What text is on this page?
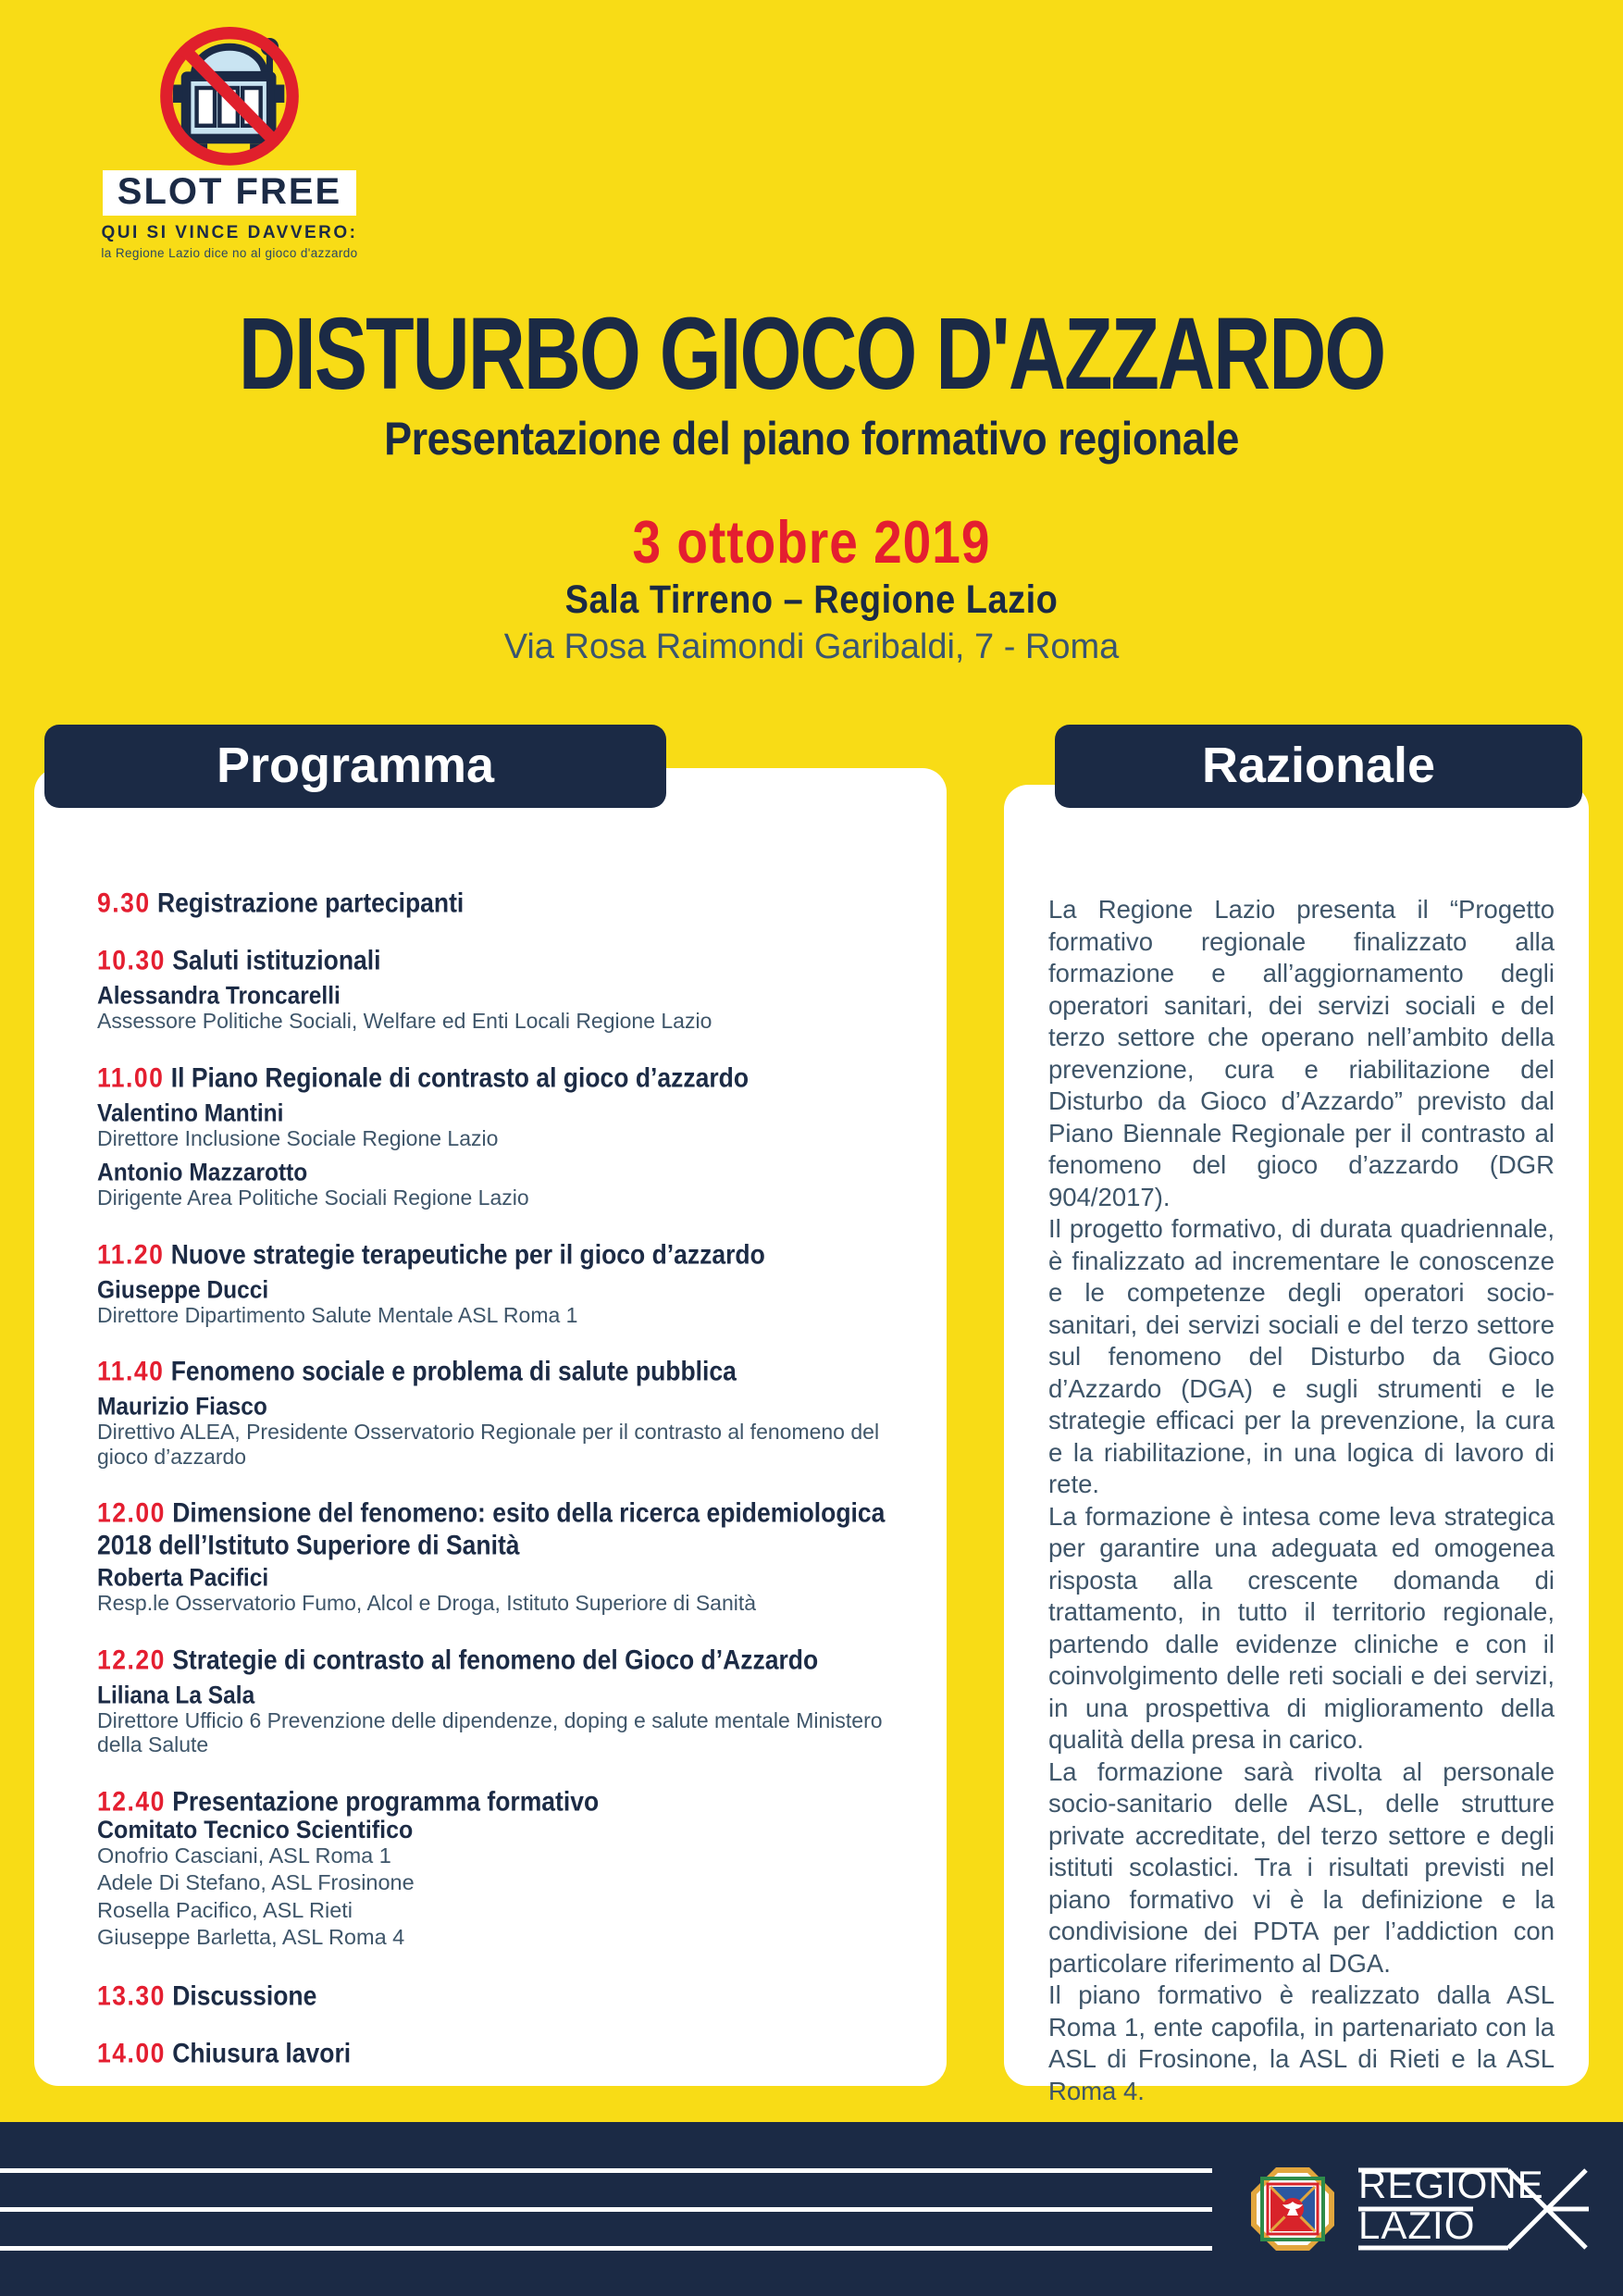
SLOT FREE
QUI SI VINCE DAVVERO:
la Regione Lazio dice no al gioco d'azzardo
DISTURBO GIOCO D'AZZARDO
Presentazione del piano formativo regionale
3 ottobre 2019
Sala Tirreno – Regione Lazio
Via Rosa Raimondi Garibaldi, 7 - Roma
Programma
9.30 Registrazione partecipanti
10.30 Saluti istituzionali
Alessandra Troncarelli
Assessore Politiche Sociali, Welfare ed Enti Locali Regione Lazio
11.00 Il Piano Regionale di contrasto al gioco d’azzardo
Valentino Mantini
Direttore Inclusione Sociale Regione Lazio
Antonio Mazzarotto
Dirigente Area Politiche Sociali Regione Lazio
11.20 Nuove strategie terapeutiche per il gioco d’azzardo
Giuseppe Ducci
Direttore Dipartimento Salute Mentale ASL Roma 1
11.40 Fenomeno sociale e problema di salute pubblica
Maurizio Fiasco
Direttivo ALEA, Presidente Osservatorio Regionale per il contrasto al fenomeno del gioco d’azzardo
12.00 Dimensione del fenomeno: esito della ricerca epidemiologica 2018 dell’Istituto Superiore di Sanità
Roberta Pacifici
Resp.le Osservatorio Fumo, Alcol e Droga, Istituto Superiore di Sanità
12.20 Strategie di contrasto al fenomeno del Gioco d’Azzardo
Liliana La Sala
Direttore Ufficio 6 Prevenzione delle dipendenze, doping e salute mentale Ministero della Salute
12.40 Presentazione programma formativo
Comitato Tecnico Scientifico
Onofrio Casciani, ASL Roma 1
Adele Di Stefano, ASL Frosinone
Rosella Pacifico, ASL Rieti
Giuseppe Barletta, ASL Roma 4
13.30 Discussione
14.00 Chiusura lavori
Razionale

La Regione Lazio presenta il “Progetto formativo regionale finalizzato alla formazione e all’aggiornamento degli operatori sanitari, dei servizi sociali e del terzo settore che operano nell’ambito della prevenzione, cura e riabilitazione del Disturbo da Gioco d’Azzardo” previsto dal Piano Biennale Regionale per il contrasto al fenomeno del gioco d’azzardo (DGR 904/2017).

Il progetto formativo, di durata quadriennale, è finalizzato ad incrementare le conoscenze e le competenze degli operatori socio-sanitari, dei servizi sociali e del terzo settore sul fenomeno del Disturbo da Gioco d’Azzardo (DGA) e sugli strumenti e le strategie efficaci per la prevenzione, la cura e la riabilitazione, in una logica di lavoro di rete.

La formazione è intesa come leva strategica per garantire una adeguata ed omogenea risposta alla crescente domanda di trattamento, in tutto il territorio regionale, partendo dalle evidenze cliniche e con il coinvolgimento delle reti sociali e dei servizi, in una prospettiva di miglioramento della qualità della presa in carico.

La formazione sarà rivolta al personale socio-sanitario delle ASL, delle strutture private accreditate, del terzo settore e degli istituti scolastici. Tra i risultati previsti nel piano formativo vi è la definizione e la condivisione dei PDTA per l’addiction con particolare riferimento al DGA.

Il piano formativo è realizzato dalla ASL Roma 1, ente capofila, in partenariato con la ASL di Frosinone, la ASL di Rieti e la ASL Roma 4.

REGIONE
LAZIO
